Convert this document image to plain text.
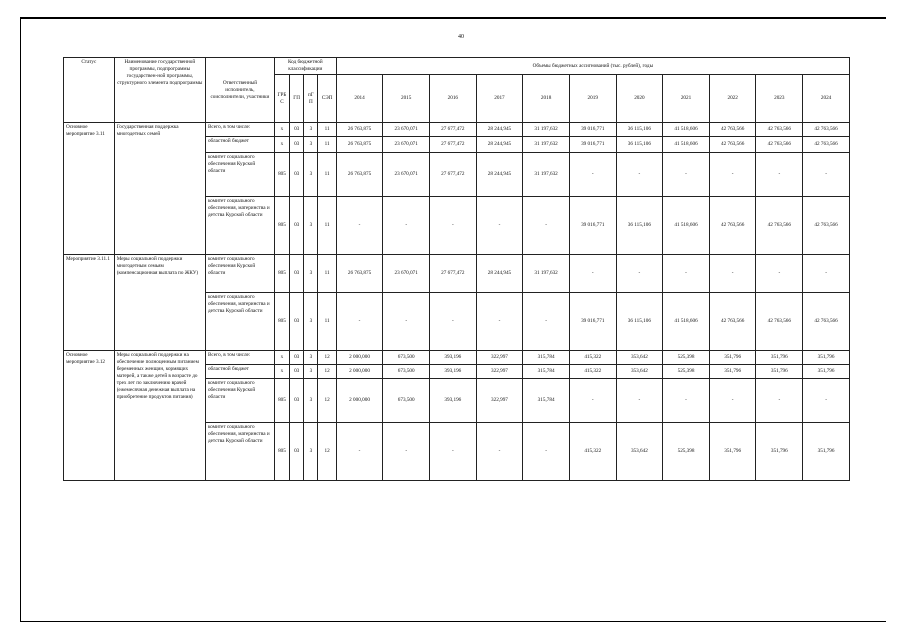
40
Статус	Наименование государственной программы, подпрограммы государствен-ной программы, структурного элемента подпрограммы	Ответственный исполнитель, соисполнители, участники	Код бюджетной классификации				Объемы бюджетных ассигнований (тыс. рублей), годы										
			ГРБС	ГП	пГП	СЭП	2014	2015	2016	2017	2018	2019	2020	2021	2022	2023	2024
Основное мероприятие 3.11	Государственная поддержка многодетных семей	Всего, в том числе:	х	03	3	11	26 763,875	23 670,071	27 677,472	28 244,945	31 197,632	39 016,771	36 115,106	41 518,606	42 763,566	42 763,566	42 763,566
		областной бюджет	х	03	3	11	26 763,875	23 670,071	27 677,472	28 244,945	31 197,632	39 016,771	36 115,106	41 518,606	42 763,566	42 763,566	42 763,566
		комитет социального обеспечения Курской области	805	03	3	11	26 763,875	23 670,071	27 677,472	28 244,945	31 197,632	-	-	-	-	-	-
		комитет социального обеспечения, материнства и детства Курской области	805	03	3	11	-	-	-	-	-	39 016,771	36 115,106	41 518,606	42 763,566	42 763,566	42 763,566
Мероприятие 3.11.1	Меры социальной поддержки многодетным семьям (компенсационная выплата по ЖКУ)	комитет социального обеспечения Курской области	805	03	3	11	26 763,875	23 670,071	27 677,472	28 244,945	31 197,632	-	-	-	-	-	-
		комитет социального обеспечения, материнства и детства Курской области	805	03	3	11	-	-	-	-	-	39 016,771	36 115,106	41 518,606	42 763,566	42 763,566	42 763,566
Основное мероприятие 3.12	Меры социальной поддержки на обеспечение полноценным питанием беременных женщин, кормящих матерей, а также детей в возрасте до трех лет по заключению врачей (ежемесячная денежная выплата на приобретение продуктов питания)	Всего, в том числе:	х	03	3	12	2 000,000	673,500	393,196	322,997	315,784	415,322	353,642	525,398	351,796	351,796	351,796
		областной бюджет	х	03	3	12	2 000,000	673,500	393,196	322,997	315,784	415,322	353,642	525,398	351,796	351,796	351,796
		комитет социального обеспечения Курской области	805	03	3	12	2 000,000	673,500	393,196	322,997	315,784	-	-	-	-	-	-
		комитет социального обеспечения, материнства и детства Курской области	805	03	3	12	-	-	-	-	-	415,322	353,642	525,398	351,796	351,796	351,796
